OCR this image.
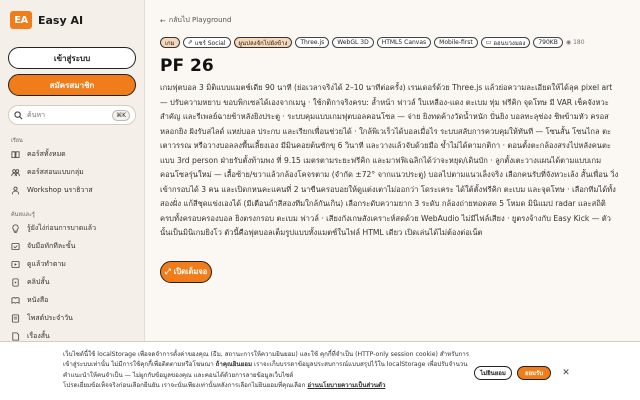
EA Easy AI
เข้าสู่ระบบ
สมัครสมาชิก
ค้นหา	⌘K
เรียน
คอร์สทั้งหมด
คอร์สสอนแบบกลุ่ม
Workshop นราธิวาส
ค้นหและรู้
รู้ยังไง่ก่อนการบาดแล้ว
จับมือทักทีละขั้น
ดูแล้วทำตาม
คลิปสั้น
หนังสือ
โพสต์ประจำวัน
เรื่องสั้น
← กลับไป Playground
เกม	⇗ แชร์ Social	ผูนปลงจักไปยังข้าง	Three.js	WebGL 3D	HTML5 Canvas	Mobile-first	▭ ออนบวงมอง	790KB	◉ 180
PF 26

เกมฟุตบอล 3 มิติแบบแมตช์เดีย 90 นาที (ย่อเวลาจริงได้ 2–10 นาทีต่อครั้ง) เรนเดอร์ด้วย Three.js แล้วย่อความละเอียดให้ได้ลุค pixel art — ปรับความหยาบ ขอบพิกเซลได้เองจากเมนู · ใช้กติกาจริงครบ: ล้ำหน้า ฟาวล์ ใบเหลือง-แดง ตะเบม ทุ่ม ฟรีคิก จุดโทษ มี VAR เช็คจังหวะสำคัญ และรีเพลย์ฉายช้าหลังยิงประตู · ระบบคุมแบบเกมฟุตบอลคอนโซล — จ่าย ยิงทดค้างวัดน้ำหนัก ปั่นยิง บอลทะลุช่อง ชิพข้ามหัว ครอส หลอกยิง ฝังรับสไลด์ แหย่บอล ประกบ และเรียกเพื่อนช่วยได้ · ใกล้พิเวเร็วได้บอลเมื่อไร ระบบสลับการควบคุมให้ทันที — โซนสั้น โซนไกล ตะเตาวรรณ หรือวางบอลลงพื้นเลี้ยงเอง มีมินคอยต้นซักขุ 6 วินาที และวางแล้วจับด้วยมือ ข้ำไม่ได้ตามกติกา · ตอนตั้งตะกล้องสรงไปหลังคนตะแบบ 3rd person ฝ่ายรับตั้งท้ามพง ที่ 9.15 เมตรตามระยะฟรีคิก และมาฟฟิเฉลิกได้ว่าจะหยุด/เดินบัก · ลูกตั้งเตะวางแผนได้ตามแบบเกมคอนโซลรุ่นใหม่ — เลื้อซ้าย/ขวาแล้วกล้องโคจรตาม (จำกัด ±72° จากแนวประตู) บอลไปตามแนวเล็งจริง เลือกคนรับที่จังหวะเล้ง สั้นเพื่อน วิ่งเข้ากรอบได้ 3 คน และเปิดกหนคะแคนที่ 2 นาขืนครอบอยให้ดูแต่งเตาไม่ออกว่า โดระเคระ ได้ใต้ตั้งฟรีคิก ตะเบม และจุดโทษ · เลือกทีมได้ทั้งสองฝั่ง แก้สีชุดแข่งเองได้ (มีเตือนถ้าสีสองทีมใกล้กันเกิน) เลือกระดับความยาก 3 ระดับ กล้องถ่ายทอดสด 5 โหมด มินิแมป radar และสถิติ ครบทั้งครอบครองบอล ยิงตรงกรอบ ตะเบม ฟาวล์ · เสียงกังเกษสังเคราะห์สดด้วย WebAudio ไม่มีไฟล์เสียง · ยูตรงจ้างกับ Easy Kick — ตัวนั้นเป็นมินิเกมยิงโว ตัวนี้คือฟุตบอลเต็มรูปแบบทั้งแมตช์ในไฟล์ HTML เดียว เปิดเล่นได้ไม่ต้องต่อเน็ต

⤢ เปิดเต็มจอ
เว็บไซต์นี้ใช้ localStorage เพื่อจดจำการตั้งค่าของคุณ (ธีม, สถานะการให้ความยินยอม) และใช้ คุกกี้ที่จำเป็น (HTTP-only session cookie) สำหรับการเข้าสู่ระบบเท่านั้น ไม่มีการใช้คุกกี้เพื่อติดตามหรือโฆษณา ถ้าคุณยินยอม เราจะเก็บบรรดาข้อมูลประสบการณ์แบบสรุปไว้ใน localStorage เพื่อปรับจำนวนคำแนะนำให้คนจำเป็น — ไม่ผูกกับข้อมูลของคุณ และคอนได้ด้วยการลายข้อมูลเว็บไซต์
โปรดเยี่ยมข้อเท็จจริงก่อนเลือกยืนยัน เราจะนั่นเพียงเท่านั้นหลังการเลือกไม่ยินยอมที่คุณเลือก อ่านนโยบายความเป็นส่วนตัว
ไม่ยินยอม	ยอมรับ	✕
